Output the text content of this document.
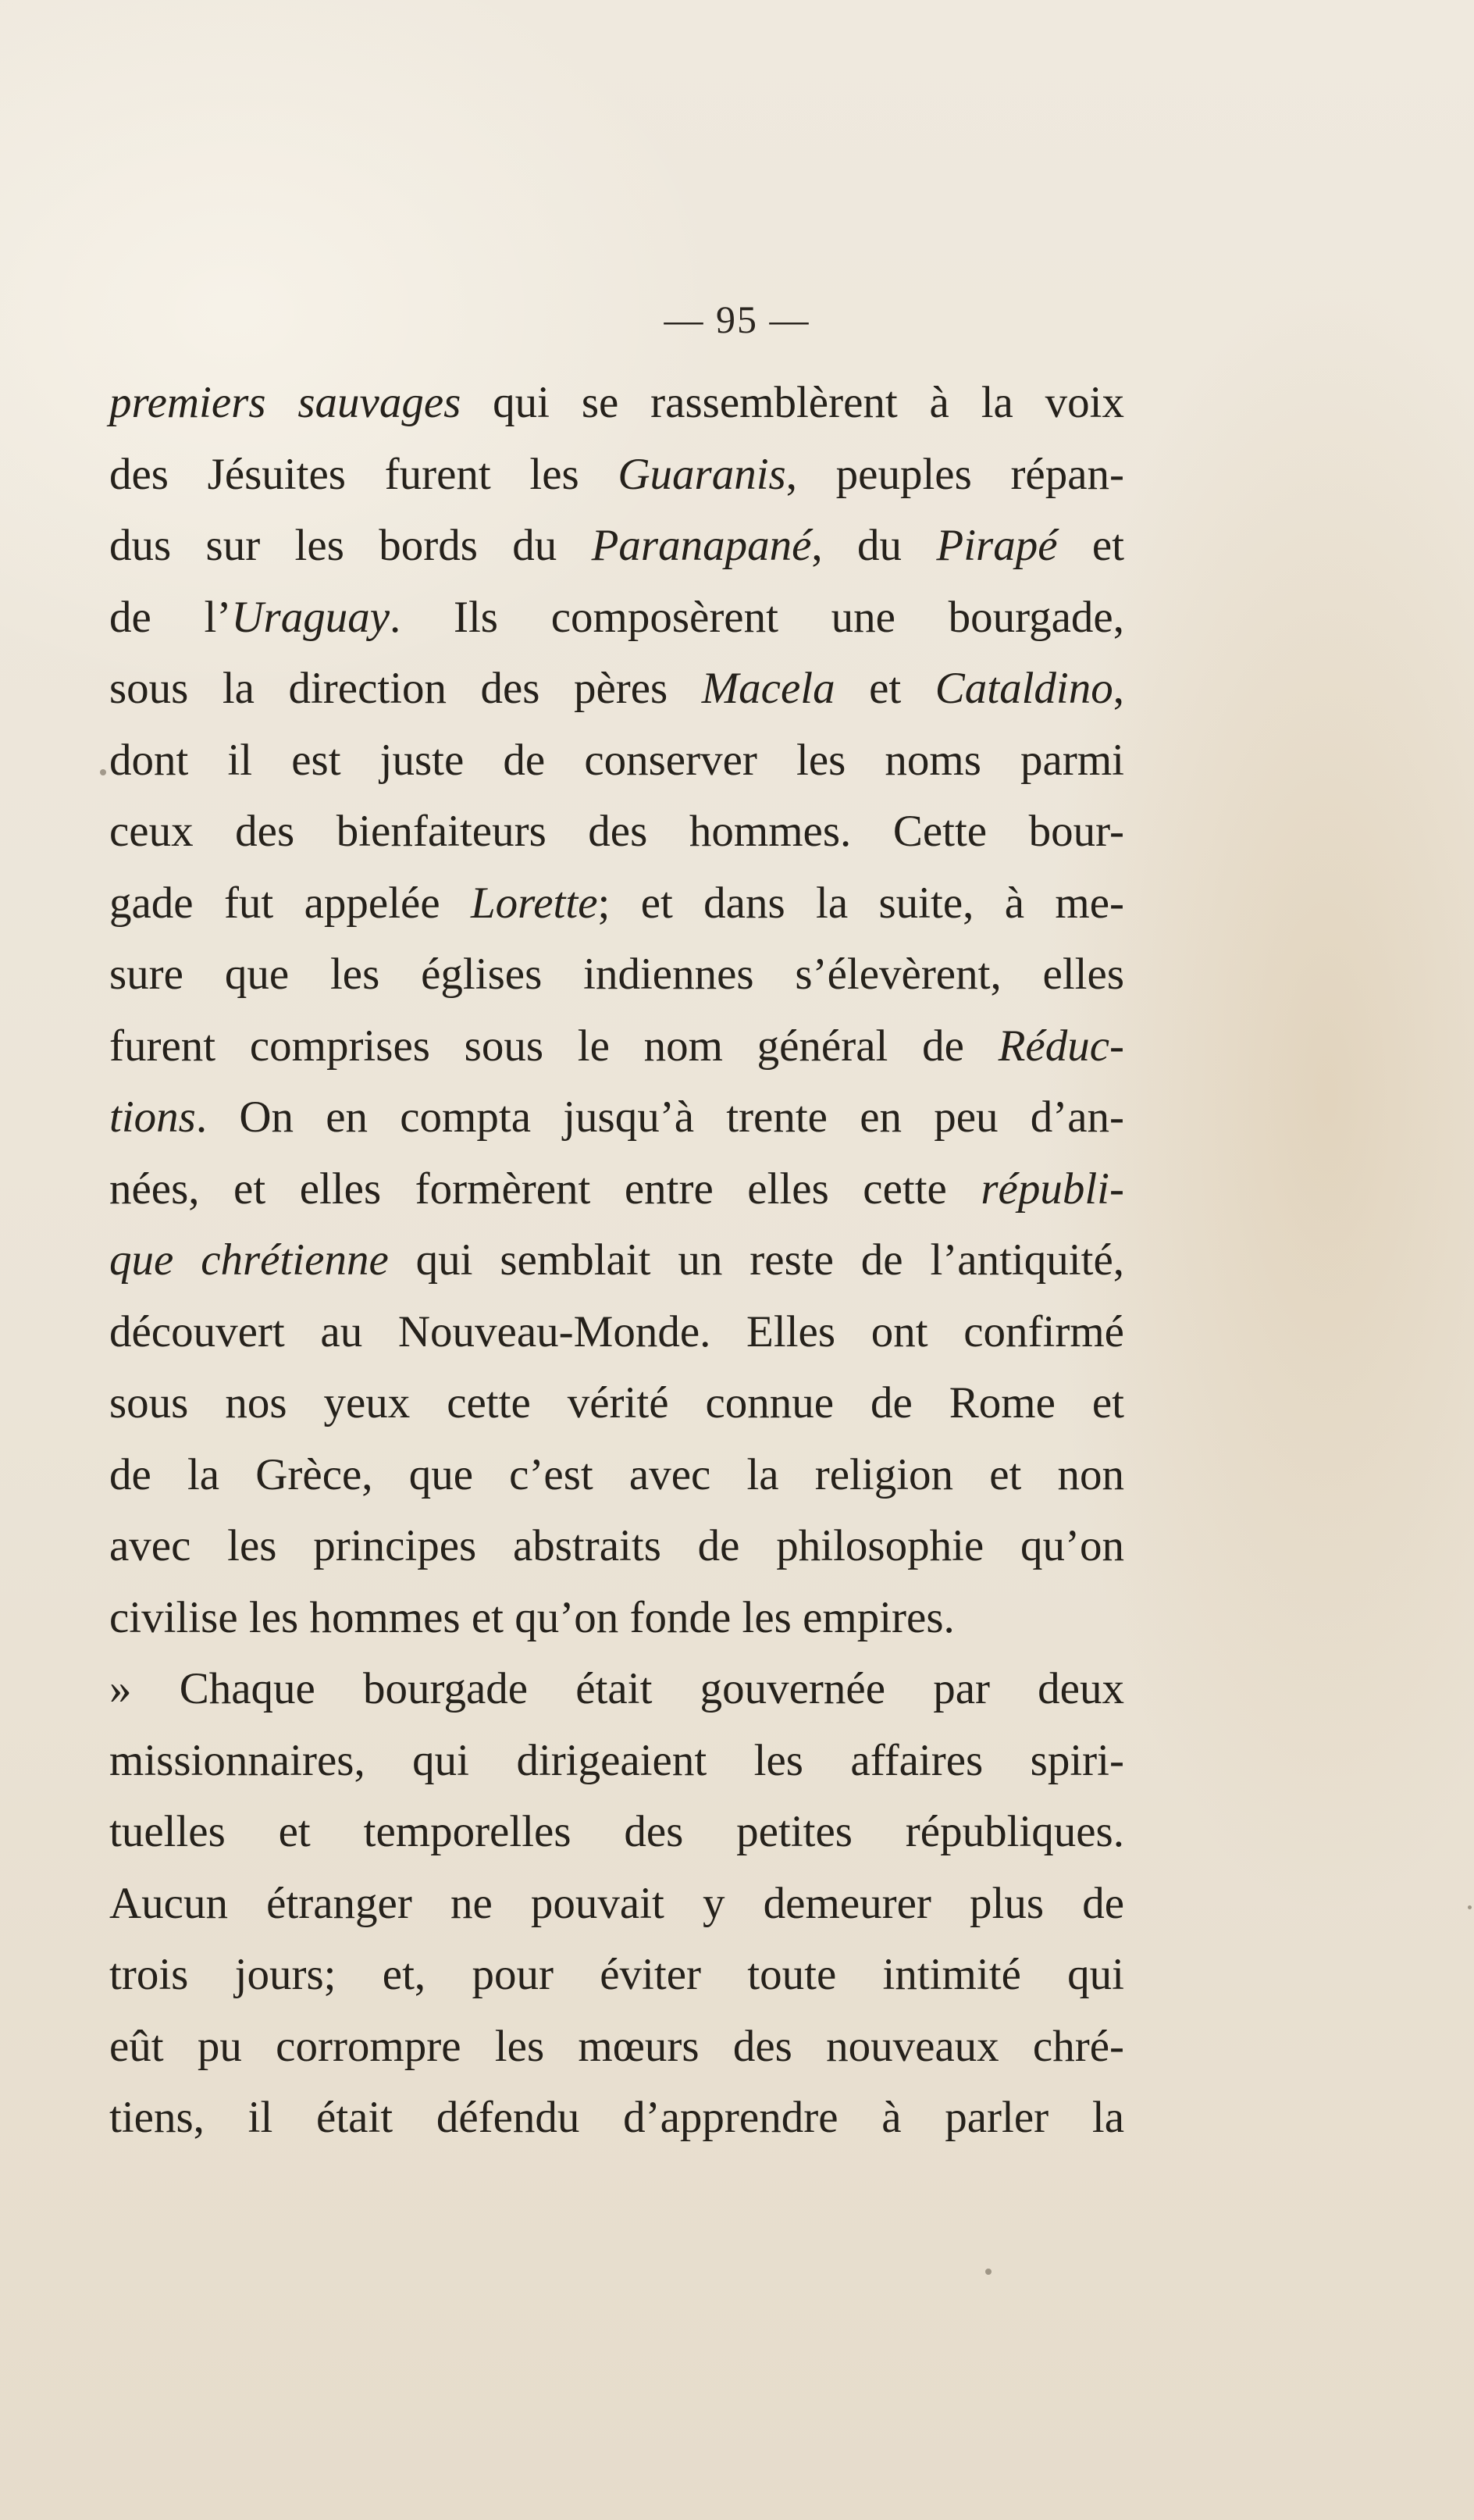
— 95 —
premiers sauvages qui se rassemblèrent à la voix
des Jésuites furent les Guaranis, peuples répan-
dus sur les bords du Paranapané, du Pirapé et
de l’Uraguay. Ils composèrent une bourgade,
sous la direction des pères Macela et Cataldino,
dont il est juste de conserver les noms parmi
ceux des bienfaiteurs des hommes. Cette bour-
gade fut appelée Lorette; et dans la suite, à me-
sure que les églises indiennes s’élevèrent, elles
furent comprises sous le nom général de Réduc-
tions. On en compta jusqu’à trente en peu d’an-
nées, et elles formèrent entre elles cette républi-
que chrétienne qui semblait un reste de l’antiquité,
découvert au Nouveau-Monde. Elles ont confirmé
sous nos yeux cette vérité connue de Rome et
de la Grèce, que c’est avec la religion et non
avec les principes abstraits de philosophie qu’on
civilise les hommes et qu’on fonde les empires.
» Chaque bourgade était gouvernée par deux
missionnaires, qui dirigeaient les affaires spiri-
tuelles et temporelles des petites républiques.
Aucun étranger ne pouvait y demeurer plus de
trois jours; et, pour éviter toute intimité qui
eût pu corrompre les mœurs des nouveaux chré-
tiens, il était défendu d’apprendre à parler la
